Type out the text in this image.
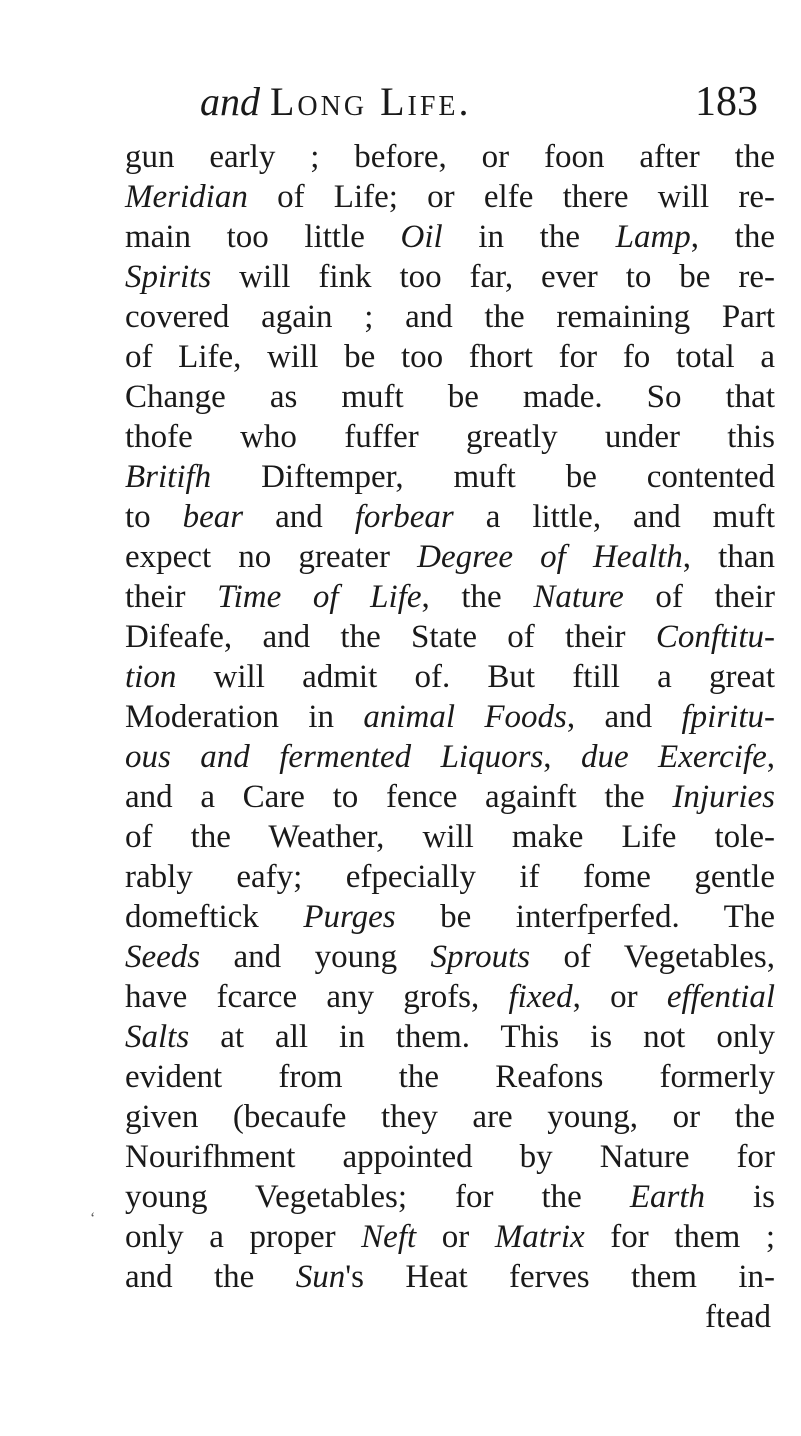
and Long Life.	183
gun early ; before, or foon after the
Meridian of Life; or elfe there will re-
main too little Oil in the Lamp, the
Spirits will fink too far, ever to be re-
covered again ; and the remaining Part
of Life, will be too fhort for fo total a
Change as muft be made. So that
thofe who fuffer greatly under this
Britifh Diftemper, muft be contented
to bear and forbear a little, and muft
expect no greater Degree of Health, than
their Time of Life, the Nature of their
Difeafe, and the State of their Conftitu-
tion will admit of. But ftill a great
Moderation in animal Foods, and fpiritu-
ous and fermented Liquors, due Exercife,
and a Care to fence againft the Injuries
of the Weather, will make Life tole-
rably eafy; efpecially if fome gentle
domeftick Purges be interfperfed. The
Seeds and young Sprouts of Vegetables,
have fcarce any grofs, fixed, or effential
Salts at all in them. This is not only
evident from the Reafons formerly
given (becaufe they are young, or the
Nourifhment appointed by Nature for
young Vegetables; for the Earth is
only a proper Neft or Matrix for them ;
and the Sun's Heat ferves them in-
ftead
‘
